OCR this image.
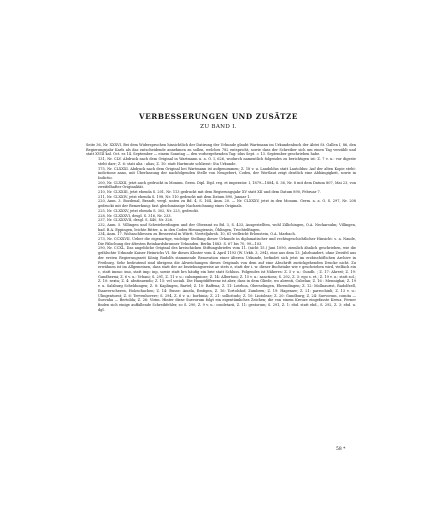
VERBESSERUNGEN UND ZUSÄTZE
ZU BAND I.

Seite 36, Nr. XXXVI. Bei dem Widerspruchen hinsichtlich der Datirung der Urkunde glaubt Wartmann im Urkundenbuch der Abtei St. Gallen I, 86, den Regierungsjahr Karls als das entscheidende annehmen zu sollen, welches 782 entspricht, sowie dass der Schreiber sich um einen Tag verzählt und statt XVIII kal. Oct. es 14. September — einem Sonntag — den vorhergehenden Tag: idus Sept. = 13. September geschrieben habe.

131, Nr. CLV. Abdruck nach dem Original in Wartmann u. a. O. I, 626, wodurch namentlich folgendes zu berichtigen ist: Z. 7 v. u.: vor digeste steht darr; Z. 6: stati alia : alias; Z. 10: statt Hartmute schliesst: Sta Urkunde.

175, Nr. CLXXXI. Abdruck nach dem Original bei Wartmann ist aufgenommen; Z. 18 v. u. Landoldus statt Lautoldus: Auf der alten Kopie steht: indictione anno, mit Überlassung der nachfolgenden Stelle von Neugebert, Codex, der Wortlaut zeigt deutlich eine Abhängigkeit, sowie in Indictio.

200, Nr. CLXXII, jetzt auch gedruckt in Monum. Germ. Dipl. Dipl. reg. et imperator. I, 1879—1884, S. 36, Nr. 8 mit dem Datum 807, Mai 23, von zweifelhafter Originalität.

210, Nr. CLXXIII, jetzt ebenda S. 201, Nr. 113 gedruckt mit dem Regierungsjahr XV statt XII und dem Datum 890, Februar 7.

211, Nr. CLXXIV, jetzt ebenda S. 198, Nr. 110 gedruckt mit dem Datum 890, Januar 1.

220, Anm. 3. Bozdenal, Brandt, vergl. unten zu Bd. 4, S. 164, Anm. 20. — Nr. CLXXXV, jetzt in den Monum. Germ. a. a. O. S. 297, Nr. 208 gedruckt mit der Bemerkung: fast gleichmässige Nachzeichnung eines Originals.

225, Nr. CLXXXV, jetzt ebenda S. 302, Nr. 225, gedruckt.

228, Nr. CLXXXVI, desgl. S. 316, Nr. 233.

237, Nr. CLXXXVII, desgl. S. 440, Nr. 326.

232, Anm. 5. Villingen und Schwieberdingen und der Oberamt zu Bd. 3, S. 433, Ausgestellten, wohl Zillichingen, O.A. Neckarsulm; Villingen, bad. B.A. Eppingen, leichte Ritter, a. in den Codex Hirsaugiensis, Öhlingen, Trochtelfingen.

234, Anm. 17. Wohnschliessen zu Besserstal in Württ. Vierteljahrsh. 10, 61 vielleicht Erlenstein, O.A. Marbach.

273, Nr. CCXXVII. Ueber die eigenartige, wichtige Stellung dieser Urkunde in diplomatischer und rechtsgeschichtlicher Hinsicht: s. a. Naude, Die Fälschung der ältesten Reinhardsbrunner Urkunden. Berlin 1883. S. 67 bis 70, 99—103.

290, Nr. CCXL. Das angebliche Original des kreischicken Stiftungsbriefes vom 11. (nicht 15.) Juni 1090, ziemlich ähnlich geschrieben, wie die gefälschte Urkunde Kaiser Heinrichs VI. für dieses Kloster vom 4. April 1193 (W. Urkb. 3, 294), eine aus dem 13. Jahrhundert, ohne Zweifel aus der ersten Regierungszeit König Rudolfs stammende Renovation einer älteren Urkunde, befindet sich jetzt im erzbischöflichen Archive in Freiburg. Sehr bedeutend sind übrigens die Abweichungen dieses Originals von dem auf eine Abschrift zurückgehenden Drucke nicht. Zu erwähnen ist im Allgemeinen, dass statt der ae beziehungsweise ae stets e, statt der i. w. dieser Buchstabe wie v geschrieben wird, vielfach ein c, statt immo: imo, statt imp: inp, sowie statt brs häufig ein brie statt Schluss. Folgendes ist Näheres: Z. 5 v. u.: Gundb. ; Z. 17: Ahrest; Z. 19: Gundhermi; Z. 6 v. u.: Vrbani; S. 291, Z. 11 v. u.: calumpniose; Z. 14: Albertoni; Z. 15 v. u.: sanctions; S. 292, Z. 3: ego s. et.; Z. 19 v. u.: statt sol.; Z. 10: sexta; Z. 4: abstinuendo; Z. 15: vel sociali. Die Hauptdifferenz ist aber, dass in dem Gliede, wo abrenti, Cubelan; Z. 16 : Mennighai; Z. 19 v. u. Salzburg Scheldungen; Z. 8: Kaplingen, Bartel; Z. 10: Raffena; Z. 11: Leirhoa, Oberselingen, Ehrendingen; Z. 12: Mollnaurist, Radolfzell, Ihanverscheren, Holzschachen; Z. 14: Busse: Amela, Emtigen, Z. 16: Tortolshof, Zumbren; Z. 19: Hagenaw; Z. 21: parrochinli; Z. 13 v. u.: Ulingenturnt; Z. 6: Tervenhovere; S. 294, Z. 6 v. u.: borbinia; Z. 21: sollicitudo; Z. 10: Liutoleae; Z. 20: Gundburg; Z. 24: Suevorum, comita — Suevaha — Bertolda; Z. 26: Virim. Hinter diese Suevorum folgt ein eigentümliches Zeichen; die von einem Kreuze eingefasste Kreuz. Ferner finden sich einige auffallende Schreibfehler, so S. 290, Z. 9 v. u.: condetarii, Z. 11: gestorum; S. 291, Z. 1: ebd. statt ebd., S. 292, Z. 3: ebd. u. dgl.

58 *
